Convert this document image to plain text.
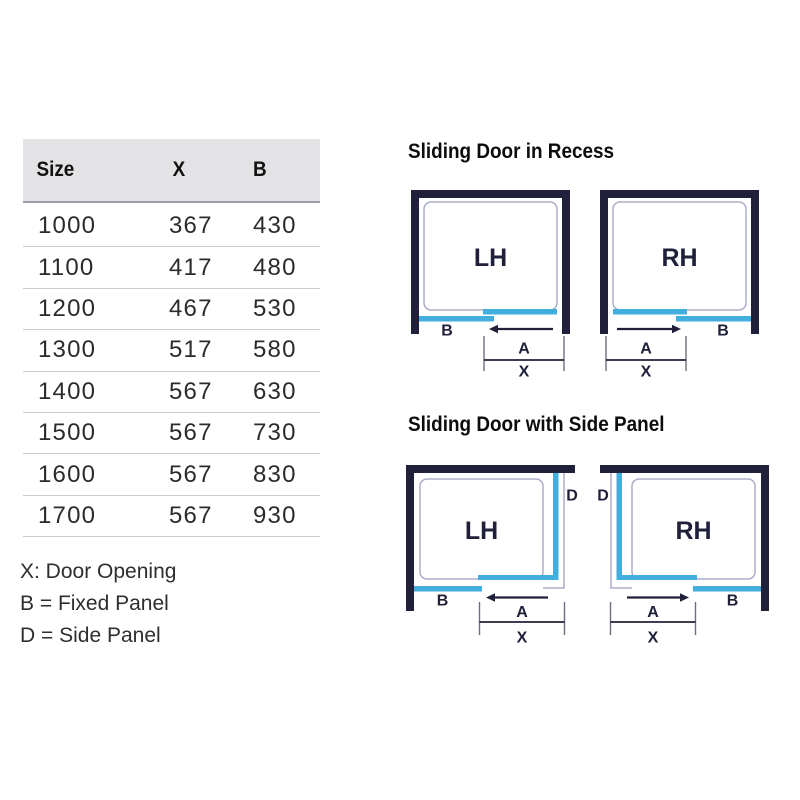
Size	X	B
1000	367	430
1100	417	480
1200	467	530
1300	517	580
1400	567	630
1500	567	730
1600	567	830
1700	567	930
X: Door Opening
B = Fixed Panel
D = Side Panel
Sliding Door in Recess
Sliding Door with Side Panel
LH
B
A
X
RH
B
A
X
LH
D
B
A
X
RH
D
B
A
X
